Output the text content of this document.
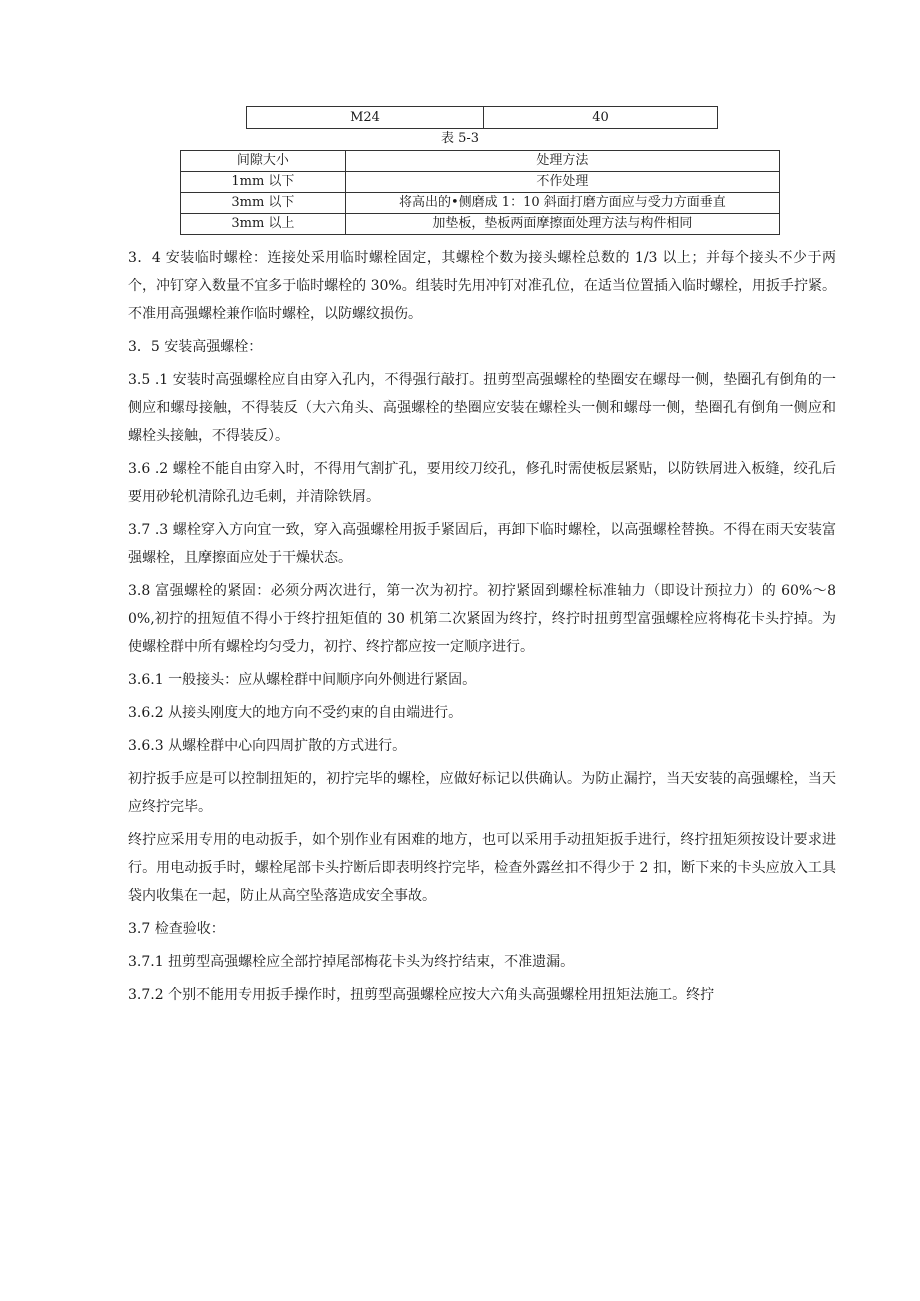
M24	40
表 5-3
间隙大小	处理方法
1mm 以下	不作处理
3mm 以下	将高出的•侧磨成 1：10 斜面打磨方面应与受力方面垂直
3mm 以上	加垫板，垫板两面摩擦面处理方法与构件相同

3．4 安装临时螺栓：连接处采用临时螺栓固定，其螺栓个数为接头螺栓总数的 1/3 以上；并每个接头不少于两个，冲钉穿入数量不宜多于临时螺栓的 30%。组装时先用冲钉对准孔位，在适当位置插入临时螺栓，用扳手拧紧。不准用高强螺栓兼作临时螺栓，以防螺纹损伤。

3．5 安装高强螺栓：

3.5 .1 安装时高强螺栓应自由穿入孔内，不得强行敲打。扭剪型高强螺栓的垫圈安在螺母一侧，垫圈孔有倒角的一侧应和螺母接触，不得装反（大六角头、高强螺栓的垫圈应安装在螺栓头一侧和螺母一侧，垫圈孔有倒角一侧应和螺栓头接触，不得装反）。

3.6 .2 螺栓不能自由穿入时，不得用气割扩孔，要用绞刀绞孔，修孔时需使板层紧贴，以防铁屑进入板缝，绞孔后要用砂轮机清除孔边毛刺，并清除铁屑。

3.7 .3 螺栓穿入方向宜一致，穿入高强螺栓用扳手紧固后，再卸下临时螺栓，以高强螺栓替换。不得在雨天安装富强螺栓，且摩擦面应处于干燥状态。

3.8 富强螺栓的紧固：必须分两次进行，第一次为初拧。初拧紧固到螺栓标准轴力（即设计预拉力）的 60%～80%,初拧的扭短值不得小于终拧扭矩值的 30 机第二次紧固为终拧，终拧时扭剪型富强螺栓应将梅花卡头拧掉。为使螺栓群中所有螺栓均匀受力，初拧、终拧都应按一定顺序进行。

3.6.1 一般接头：应从螺栓群中间顺序向外侧进行紧固。

3.6.2 从接头刚度大的地方向不受约束的自由端进行。

3.6.3 从螺栓群中心向四周扩散的方式进行。

初拧扳手应是可以控制扭矩的，初拧完毕的螺栓，应做好标记以供确认。为防止漏拧，当天安装的高强螺栓，当天应终拧完毕。

终拧应采用专用的电动扳手，如个别作业有困难的地方，也可以采用手动扭矩扳手进行，终拧扭矩须按设计要求进行。用电动扳手时，螺栓尾部卡头拧断后即表明终拧完毕，检查外露丝扣不得少于 2 扣，断下来的卡头应放入工具袋内收集在一起，防止从高空坠落造成安全事故。

3.7 检查验收：

3.7.1 扭剪型高强螺栓应全部拧掉尾部梅花卡头为终拧结束，不准遗漏。

3.7.2 个别不能用专用扳手操作时，扭剪型高强螺栓应按大六角头高强螺栓用扭矩法施工。终拧
